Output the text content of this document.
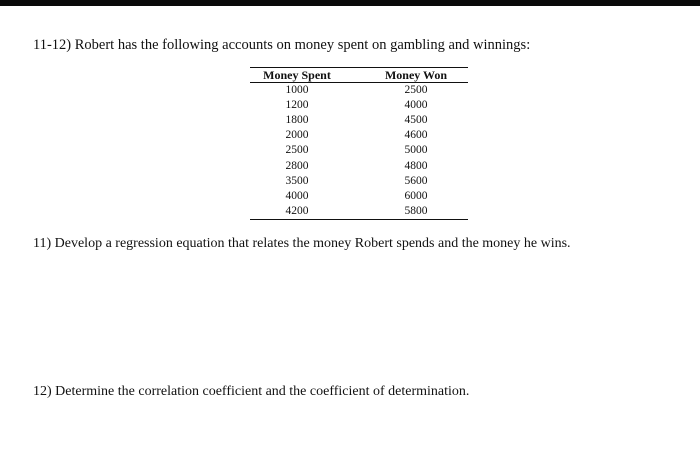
11-12) Robert has the following accounts on money spent on gambling and winnings:
Money Spent		Money Won
1000		2500
1200		4000
1800		4500
2000		4600
2500		5000
2800		4800
3500		5600
4000		6000
4200		5800
11) Develop a regression equation that relates the money Robert spends and the money he wins.
12) Determine the correlation coefficient and the coefficient of determination.
